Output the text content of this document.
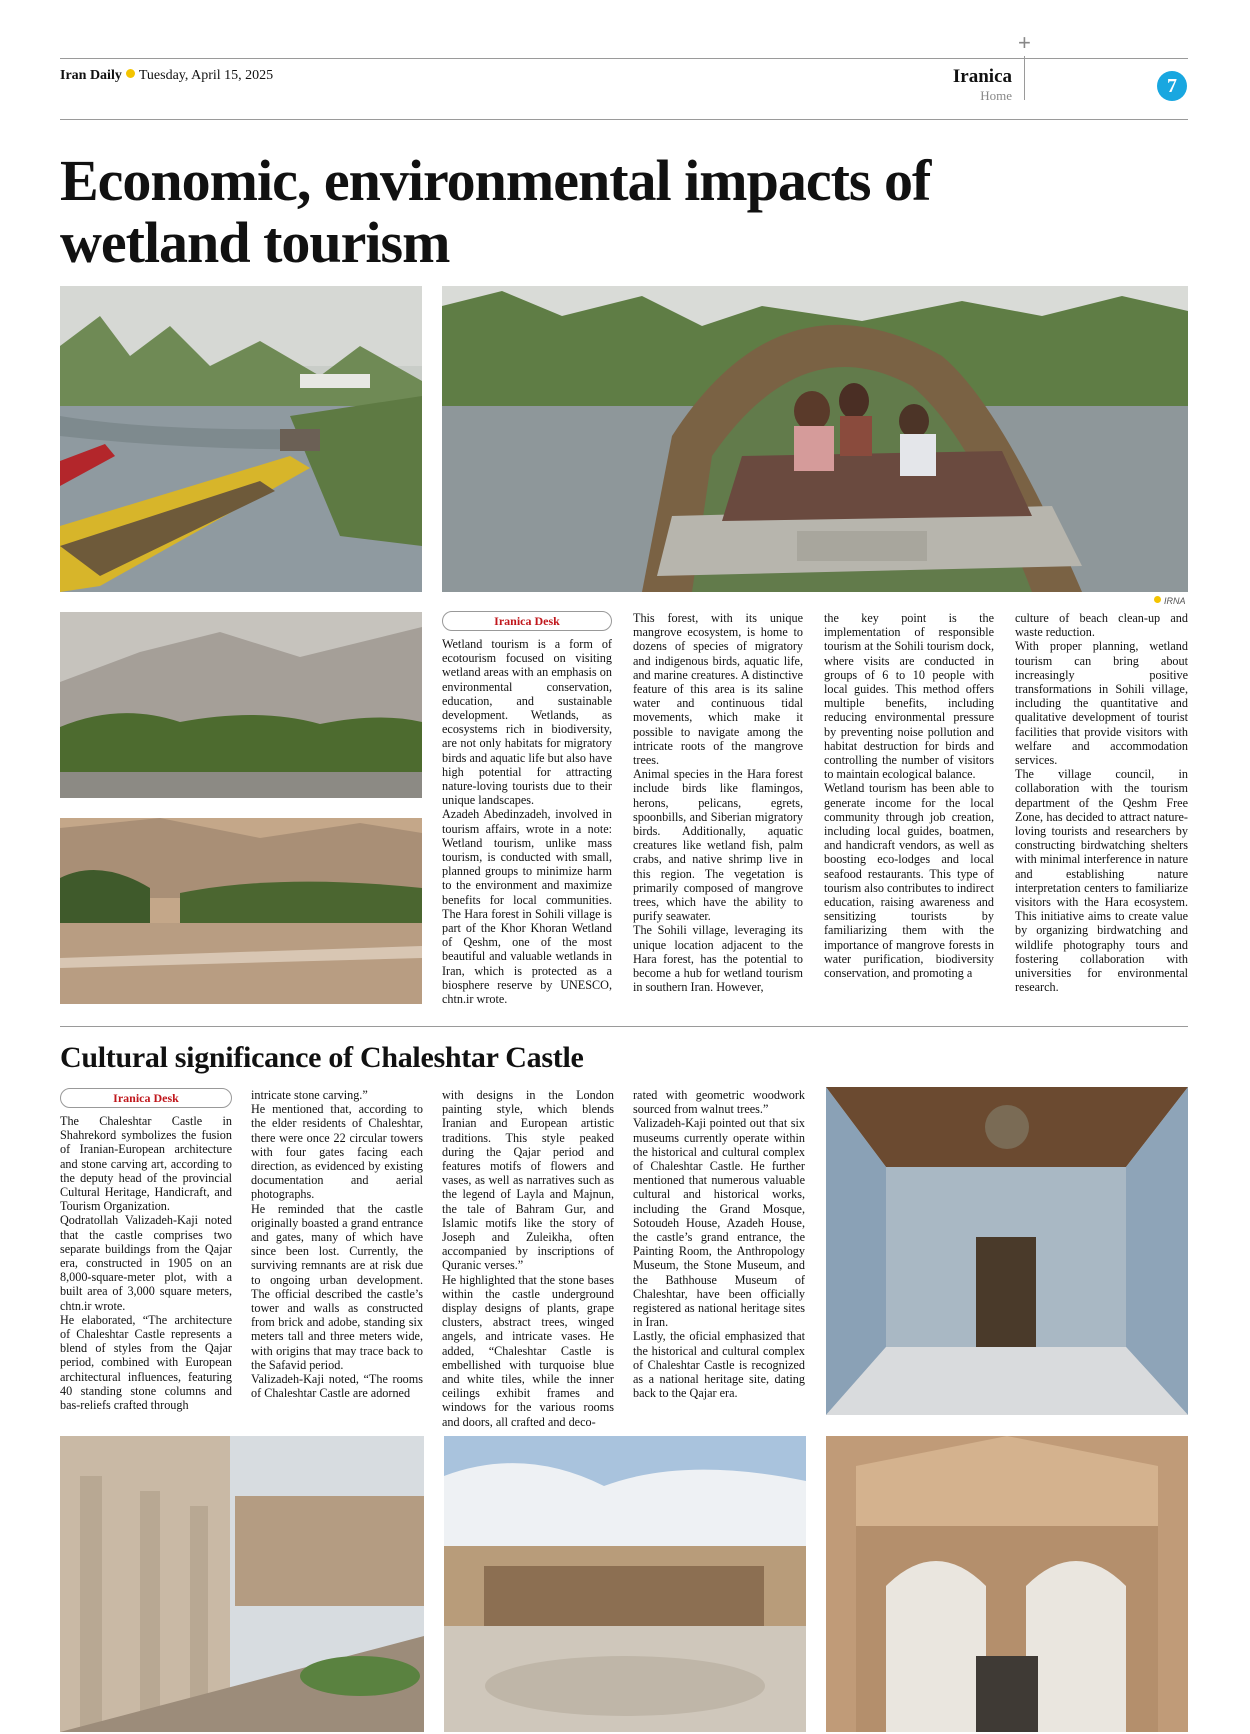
+
Iran Daily Tuesday, April 15, 2025	Iranica
Home	7
Economic, environmental impacts of wetland tourism
IRNA
Iranica Desk

Wetland tourism is a form of ecotourism focused on visiting wetland areas with an emphasis on environmental conservation, education, and sustainable development. Wetlands, as ecosystems rich in biodiversity, are not only habitats for migratory birds and aquatic life but also have high potential for attracting nature-loving tourists due to their unique landscapes.

Azadeh Abedinzadeh, involved in tourism affairs, wrote in a note: Wetland tourism, unlike mass tourism, is conducted with small, planned groups to minimize harm to the environment and maximize benefits for local communities. The Hara forest in Sohili village is part of the Khor Khoran Wetland of Qeshm, one of the most beautiful and valuable wetlands in Iran, which is protected as a biosphere reserve by UNESCO, chtn.ir wrote.

This forest, with its unique mangrove ecosystem, is home to dozens of species of migratory and indigenous birds, aquatic life, and marine creatures. A distinctive feature of this area is its saline water and continuous tidal movements, which make it possible to navigate among the intricate roots of the mangrove trees.

Animal species in the Hara forest include birds like flamingos, herons, pelicans, egrets, spoonbills, and Siberian migratory birds. Additionally, aquatic creatures like wetland fish, palm crabs, and native shrimp live in this region. The vegetation is primarily composed of mangrove trees, which have the ability to purify seawater.

The Sohili village, leveraging its unique location adjacent to the Hara forest, has the potential to become a hub for wetland tourism in southern Iran. However,

the key point is the implementation of responsible tourism at the Sohili tourism dock, where visits are conducted in groups of 6 to 10 people with local guides. This method offers multiple benefits, including reducing environmental pressure by preventing noise pollution and habitat destruction for birds and controlling the number of visitors to maintain ecological balance.

Wetland tourism has been able to generate income for the local community through job creation, including local guides, boatmen, and handicraft vendors, as well as boosting eco-lodges and local seafood restaurants. This type of tourism also contributes to indirect education, raising awareness and sensitizing tourists by familiarizing them with the importance of mangrove forests in water purification, biodiversity conservation, and promoting a

culture of beach clean-up and waste reduction.

With proper planning, wetland tourism can bring about increasingly positive transformations in Sohili village, including the quantitative and qualitative development of tourist facilities that provide visitors with welfare and accommodation services.

The village council, in collaboration with the tourism department of the Qeshm Free Zone, has decided to attract nature-loving tourists and researchers by constructing birdwatching shelters with minimal interference in nature and establishing nature interpretation centers to familiarize visitors with the Hara ecosystem. This initiative aims to create value by organizing birdwatching and wildlife photography tours and fostering collaboration with universities for environmental research.

Cultural significance of Chaleshtar Castle
Iranica Desk

The Chaleshtar Castle in Shahrekord symbolizes the fusion of Iranian-European architecture and stone carving art, according to the deputy head of the provincial Cultural Heritage, Handicraft, and Tourism Organization.

Qodratollah Valizadeh-Kaji noted that the castle comprises two separate buildings from the Qajar era, constructed in 1905 on an 8,000-square-meter plot, with a built area of 3,000 square meters, chtn.ir wrote.

He elaborated, “The architecture of Chaleshtar Castle represents a blend of styles from the Qajar period, combined with European architectural influences, featuring 40 standing stone columns and bas-reliefs crafted through

intricate stone carving.”

He mentioned that, according to the elder residents of Chaleshtar, there were once 22 circular towers with four gates facing each direction, as evidenced by existing documentation and aerial photographs.

He reminded that the castle originally boasted a grand entrance and gates, many of which have since been lost. Currently, the surviving remnants are at risk due to ongoing urban development. The official described the castle’s tower and walls as constructed from brick and adobe, standing six meters tall and three meters wide, with origins that may trace back to the Safavid period.

Valizadeh-Kaji noted, “The rooms of Chaleshtar Castle are adorned

with designs in the London painting style, which blends Iranian and European artistic traditions. This style peaked during the Qajar period and features motifs of flowers and vases, as well as narratives such as the legend of Layla and Majnun, the tale of Bahram Gur, and Islamic motifs like the story of Joseph and Zuleikha, often accompanied by inscriptions of Quranic verses.”

He highlighted that the stone bases within the castle underground display designs of plants, grape clusters, abstract trees, winged angels, and intricate vases. He added, “Chaleshtar Castle is embellished with turquoise blue and white tiles, while the inner ceilings exhibit frames and windows for the various rooms and doors, all crafted and deco-

rated with geometric woodwork sourced from walnut trees.”

Valizadeh-Kaji pointed out that six museums currently operate within the historical and cultural complex of Chaleshtar Castle. He further mentioned that numerous valuable cultural and historical works, including the Grand Mosque, Sotoudeh House, Azadeh House, the castle’s grand entrance, the Painting Room, the Anthropology Museum, the Stone Museum, and the Bathhouse Museum of Chaleshtar, have been officially registered as national heritage sites in Iran.

Lastly, the oficial emphasized that the historical and cultural complex of Chaleshtar Castle is recognized as a national heritage site, dating back to the Qajar era.
